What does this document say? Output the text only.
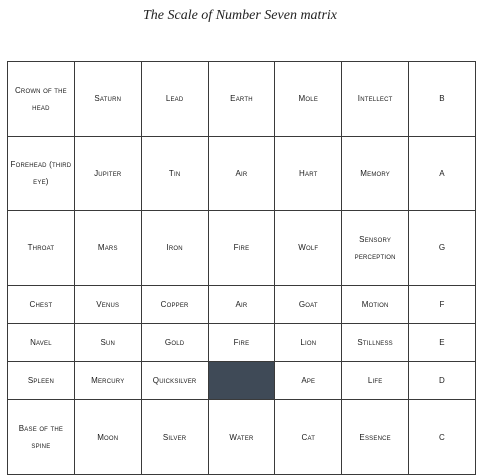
The Scale of Number Seven matrix
Crown of the head	Saturn	Lead	Earth	Mole	Intellect	B
Forehead (third eye)	Jupiter	Tin	Air	Hart	Memory	A
Throat	Mars	Iron	Fire	Wolf	Sensory perception	G
Chest	Venus	Copper	Air	Goat	Motion	F
Navel	Sun	Gold	Fire	Lion	Stillness	E
Spleen	Mercury	Quicksilver		Ape	Life	D
Base of the spine	Moon	Silver	Water	Cat	Essence	C
